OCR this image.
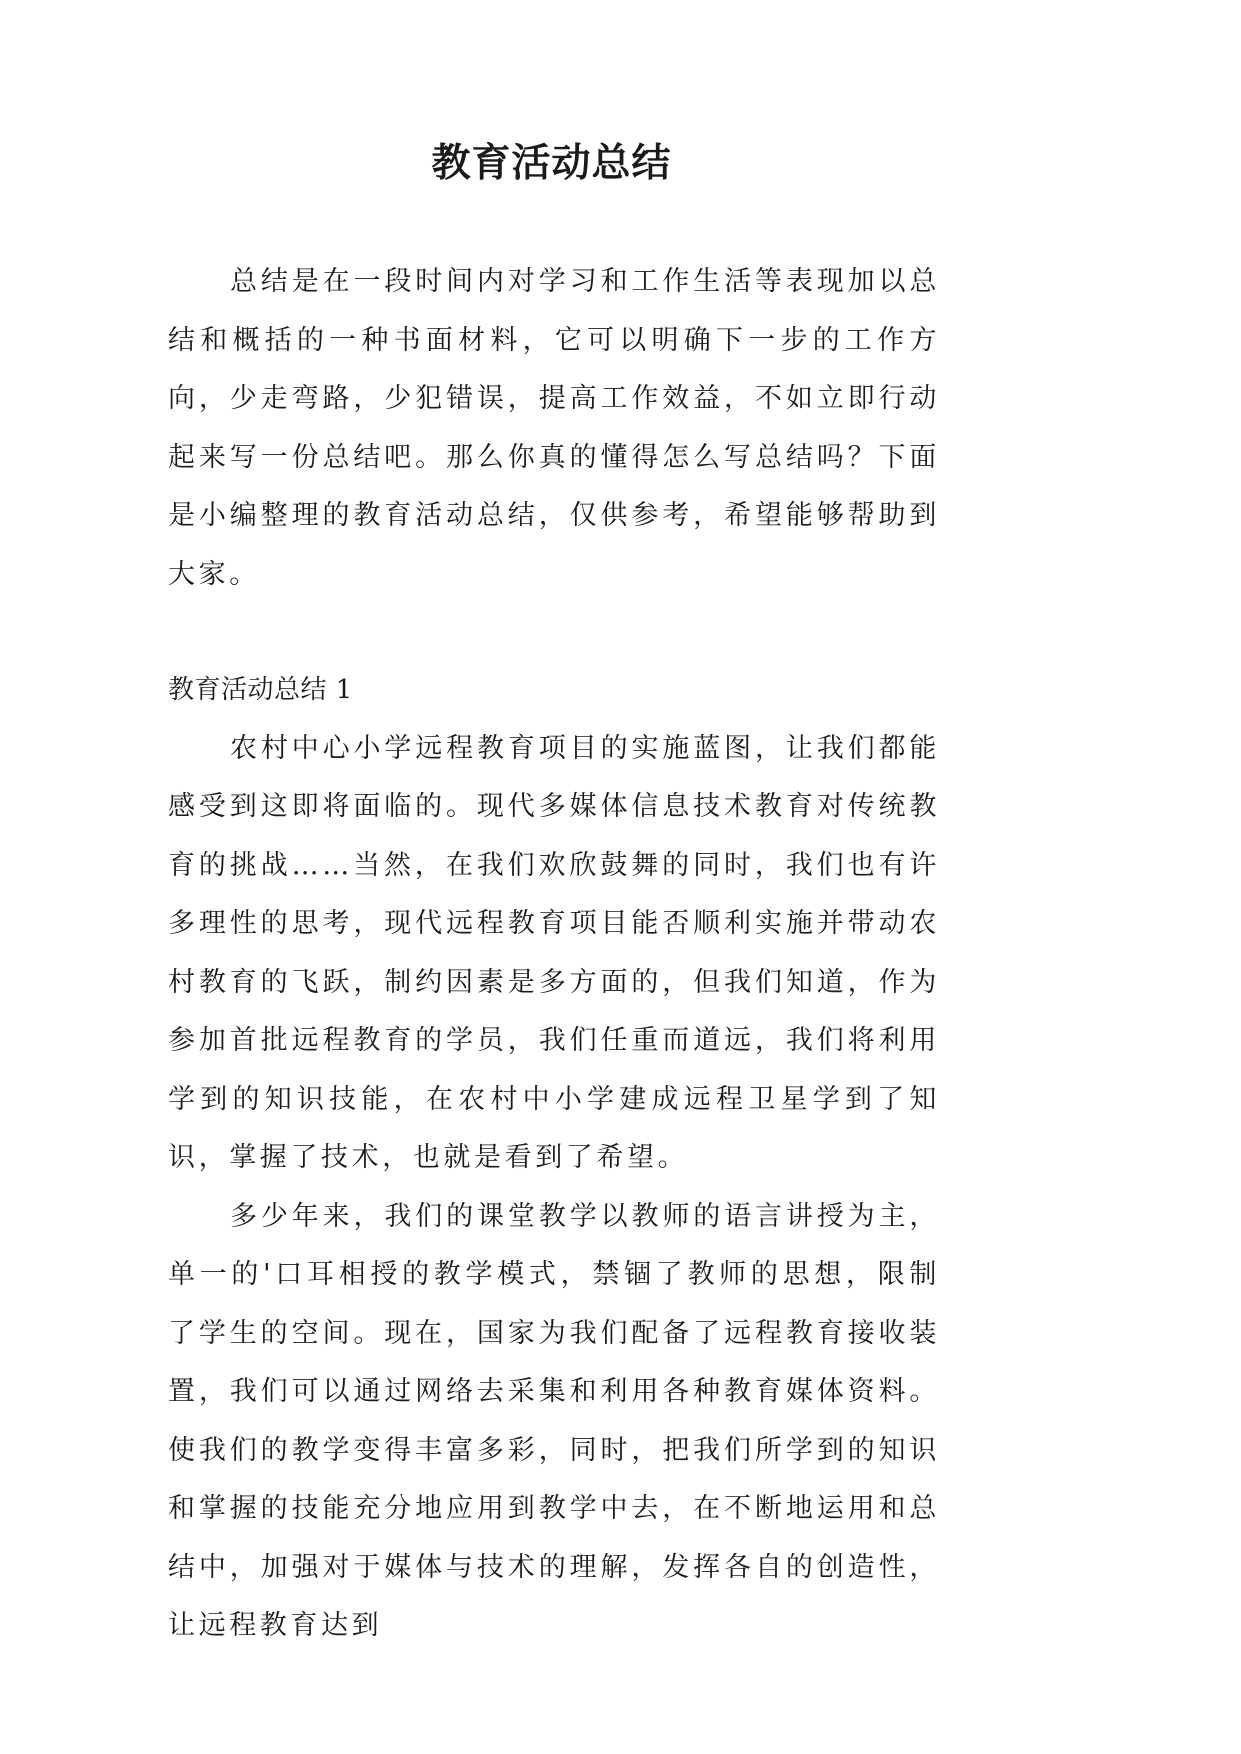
教育活动总结

总结是在一段时间内对学习和工作生活等表现加以总结和概括的一种书面材料，它可以明确下一步的工作方向，少走弯路，少犯错误，提高工作效益，不如立即行动起来写一份总结吧。那么你真的懂得怎么写总结吗？下面是小编整理的教育活动总结，仅供参考，希望能够帮助到大家。

教育活动总结 1

农村中心小学远程教育项目的实施蓝图，让我们都能感受到这即将面临的。现代多媒体信息技术教育对传统教育的挑战……当然，在我们欢欣鼓舞的同时，我们也有许多理性的思考，现代远程教育项目能否顺利实施并带动农村教育的飞跃，制约因素是多方面的，但我们知道，作为参加首批远程教育的学员，我们任重而道远，我们将利用学到的知识技能，在农村中小学建成远程卫星学到了知识，掌握了技术，也就是看到了希望。

多少年来，我们的课堂教学以教师的语言讲授为主，单一的'口耳相授的教学模式，禁锢了教师的思想，限制了学生的空间。现在，国家为我们配备了远程教育接收装置，我们可以通过网络去采集和利用各种教育媒体资料。使我们的教学变得丰富多彩，同时，把我们所学到的知识和掌握的技能充分地应用到教学中去，在不断地运用和总结中，加强对于媒体与技术的理解，发挥各自的创造性，让远程教育达到
